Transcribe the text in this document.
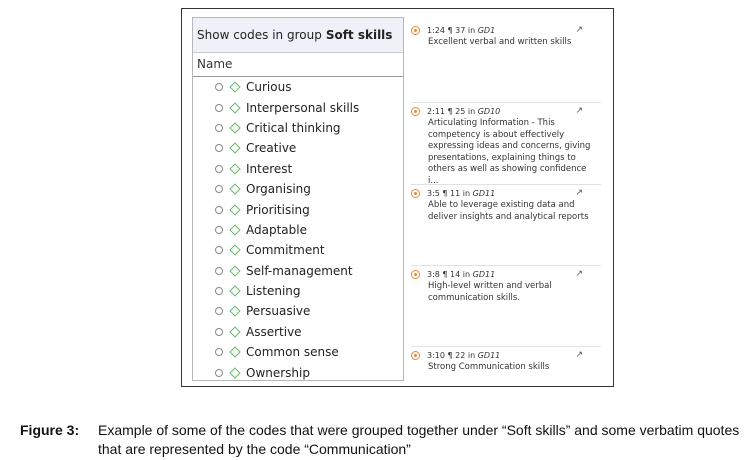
Show codes in group Soft skills
Name
Curious
Interpersonal skills
Critical thinking
Creative
Interest
Organising
Prioritising
Adaptable
Commitment
Self-management
Listening
Persuasive
Assertive
Common sense
Ownership
1:24 ¶ 37 in GD1	↗
Excellent verbal and written skills
2:11 ¶ 25 in GD10	↗
Articulating Information - This competency is about effectively expressing ideas and concerns, giving presentations, explaining things to others as well as showing confidence i...
3:5 ¶ 11 in GD11	↗
Able to leverage existing data and deliver insights and analytical reports
3:8 ¶ 14 in GD11	↗
High-level written and verbal communication skills.
3:10 ¶ 22 in GD11	↗
Strong Communication skills
Figure 3: Example of some of the codes that were grouped together under “Soft skills” and some verbatim quotes that are represented by the code “Communication”
